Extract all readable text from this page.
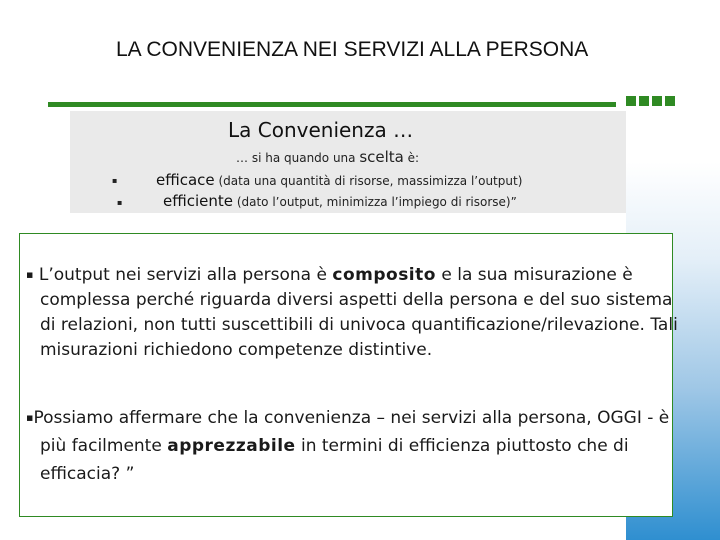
LA CONVENIENZA NEI SERVIZI ALLA PERSONA
La Convenienza …
… si ha quando una scelta è:
▪	efficace (data una quantità di risorse, massimizza l’output)
▪	efficiente (dato l’output, minimizza l’impiego di risorse)”
▪ L’output nei servizi alla persona è composito e la sua misurazione è complessa perché riguarda diversi aspetti della persona e del suo sistema di relazioni, non tutti suscettibili di univoca quantificazione/rilevazione. Tali misurazioni richiedono competenze distintive.
▪Possiamo affermare che la convenienza – nei servizi alla persona, OGGI - è più facilmente apprezzabile in termini di efficienza piuttosto che di efficacia? ”
